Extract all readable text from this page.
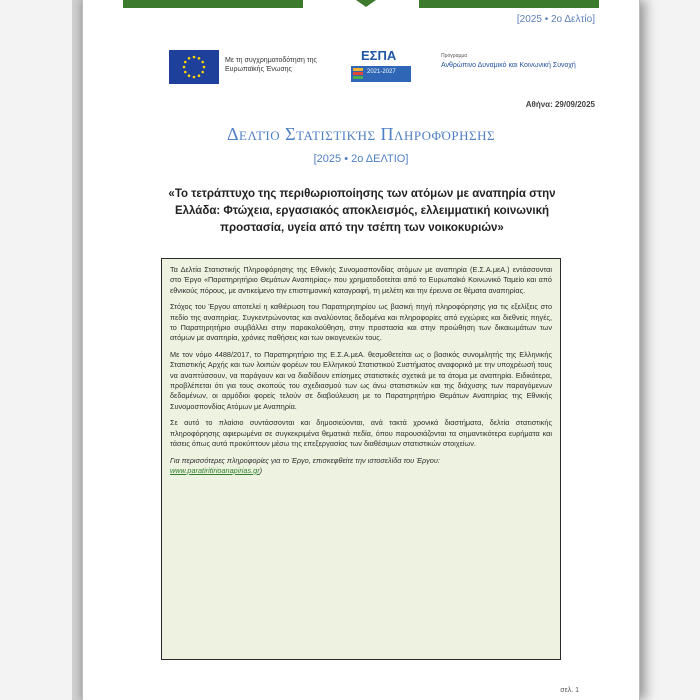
[2025 • 2ο Δελτίο]
Με τη συγχρηματοδότηση της Ευρωπαϊκής Ένωσης
ΕΣΠΑ
2021-2027
Πρόγραμμα
Ανθρώπινο Δυναμικό και Κοινωνική Συνοχή
Αθήνα: 29/09/2025
Δελτίο Στατιστικής Πληροφόρησης
[2025 • 2ο ΔΕΛΤΙΟ]
«Το τετράπτυχο της περιθωριοποίησης των ατόμων με αναπηρία στην Ελλάδα: Φτώχεια, εργασιακός αποκλεισμός, ελλειμματική κοινωνική προστασία, υγεία από την τσέπη των νοικοκυριών»

Τα Δελτία Στατιστικής Πληροφόρησης της Εθνικής Συνομοσπονδίας ατόμων με αναπηρία (Ε.Σ.Α.μεΑ.) εντάσσονται στο Έργο «Παρατηρητήριο Θεμάτων Αναπηρίας» που χρηματοδοτείται από το Ευρωπαϊκό Κοινωνικό Ταμείο και από εθνικούς πόρους, με αντικείμενο την επιστημονική καταγραφή, τη μελέτη και την έρευνα σε θέματα αναπηρίας.

Στόχος του Έργου αποτελεί η καθιέρωση του Παρατηρητηρίου ως βασική πηγή πληροφόρησης για τις εξελίξεις στο πεδίο της αναπηρίας. Συγκεντρώνοντας και αναλύοντας δεδομένα και πληροφορίες από εγχώριες και διεθνείς πηγές, το Παρατηρητήριο συμβάλλει στην παρακολούθηση, στην προστασία και στην προώθηση των δικαιωμάτων των ατόμων με αναπηρία, χρόνιες παθήσεις και των οικογενειών τους.

Με τον νόμο 4488/2017, το Παρατηρητήριο της Ε.Σ.Α.μεΑ. θεσμοθετείται ως ο βασικός συνομιλητής της Ελληνικής Στατιστικής Αρχής και των λοιπών φορέων του Ελληνικού Στατιστικού Συστήματος αναφορικά με την υποχρέωσή τους να αναπτύσσουν, να παράγουν και να διαδίδουν επίσημες στατιστικές σχετικά με τα άτομα με αναπηρία. Ειδικότερα, προβλέπεται ότι για τους σκοπούς του σχεδιασμού των ως άνω στατιστικών και της διάχυσης των παραγόμενων δεδομένων, οι αρμόδιοι φορείς τελούν σε διαβούλευση με το Παρατηρητήριο Θεμάτων Αναπηρίας της Εθνικής Συνομοσπονδίας Ατόμων με Αναπηρία.

Σε αυτό το πλαίσιο συντάσσονται και δημοσιεύονται, ανά τακτά χρονικά διαστήματα, δελτία στατιστικής πληροφόρησης αφιερωμένα σε συγκεκριμένα θεματικά πεδία, όπου παρουσιάζονται τα σημαντικότερα ευρήματα και τάσεις όπως αυτά προκύπτουν μέσω της επεξεργασίας των διαθέσιμων στατιστικών στοιχείων.

Για περισσότερες πληροφορίες για το Έργο, επισκεφθείτε την ιστοσελίδα του Έργου:
www.paratiritirioanapirias.gr)

σελ. 1
